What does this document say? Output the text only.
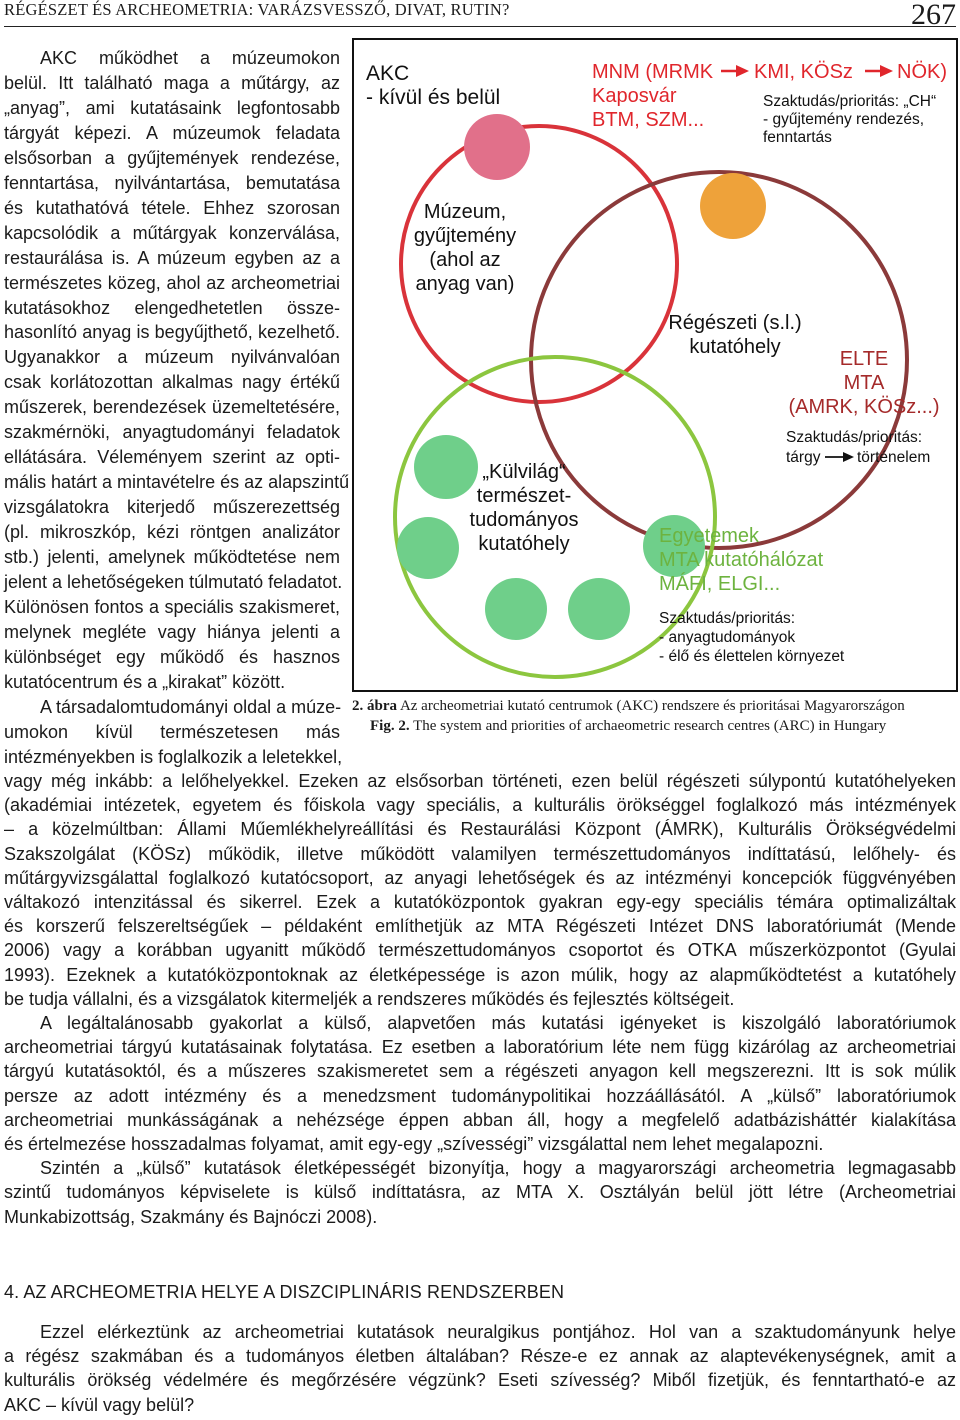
RÉGÉSZET ÉS ARCHEOMETRIA: VARÁZSVESSZŐ, DIVAT, RUTIN?	267
AKC működhet a múzeumokon
belül. Itt található maga a műtárgy, az
„anyag”, ami kutatásaink legfontosabb
tárgyát képezi. A múzeumok feladata
elsősorban a gyűjtemények rendezése,
fenntartása, nyilvántartása, bemutatása
és kutathatóvá tétele. Ehhez szorosan
kapcsolódik a műtárgyak konzerválása,
restaurálása is. A múzeum egyben az a
természetes közeg, ahol az archeometriai
kutatásokhoz elengedhetetlen össze-
hasonlító anyag is begyűjthető, kezelhető.
Ugyanakkor a múzeum nyilvánvalóan
csak korlátozottan alkalmas nagy értékű
műszerek, berendezések üzemeltetésére,
szakmérnöki, anyagtudományi feladatok
ellátására. Véleményem szerint az opti-
mális határt a mintavételre és az alapszintű
vizsgálatokra kiterjedő műszerezettség
(pl. mikroszkóp, kézi röntgen analizátor
stb.) jelenti, amelynek működtetése nem
jelent a lehetőségeken túlmutató feladatot.
Különösen fontos a speciális szakismeret,
melynek megléte vagy hiánya jelenti a
különbséget egy működő és hasznos
kutatócentrum és a „kirakat” között.
A társadalomtudományi oldal a múze-
umokon kívül természetesen más
intézményekben is foglalkozik a leletekkel,
AKC
- kívül és belül
Múzeum,
gyűjtemény
(ahol az
anyag van)
MNM (MRMK KMI, KÖSz NÖK)
Kaposvár
BTM, SZM...
Szaktudás/prioritás: „CH“
- gyűjtemény rendezés,
fenntartás
Régészeti (s.l.)
kutatóhely
ELTE
MTA
(AMRK, KÖSz...)
Szaktudás/prioritás:
tárgy történelem
„Külvilág“
természet-
tudományos
kutatóhely	Egyetemek
MTA kutatóhálózat
MÁFI, ELGI...
Szaktudás/prioritás:
- anyagtudományok
- élő és élettelen környezet
2. ábra Az archeometriai kutató centrumok (AKC) rendszere és prioritásai Magyarországon
Fig. 2. The system and priorities of archaeometric research centres (ARC) in Hungary
vagy még inkább: a lelőhelyekkel. Ezeken az elsősorban történeti, ezen belül régészeti súlypontú kutatóhelyeken
(akadémiai intézetek, egyetem és főiskola vagy speciális, a kulturális örökséggel foglalkozó más intézmények
– a közelmúltban: Állami Műemlékhelyreállítási és Restaurálási Központ (ÁMRK), Kulturális Örökségvédelmi
Szakszolgálat (KÖSz) működik, illetve működött valamilyen természettudományos indíttatású, lelőhely- és
műtárgyvizsgálattal foglalkozó kutatócsoport, az anyagi lehetőségek és az intézményi koncepciók függvényében
váltakozó intenzitással és sikerrel. Ezek a kutatóközpontok gyakran egy-egy speciális témára optimalizáltak
és korszerű felszereltségűek – példaként említhetjük az MTA Régészeti Intézet DNS laboratóriumát (Mende
2006) vagy a korábban ugyanitt működő természettudományos csoportot és OTKA műszerközpontot (Gyulai
1993). Ezeknek a kutatóközpontoknak az életképessége is azon múlik, hogy az alapműködtetést a kutatóhely
be tudja vállalni, és a vizsgálatok kitermeljék a rendszeres működés és fejlesztés költségeit.
A legáltalánosabb gyakorlat a külső, alapvetően más kutatási igényeket is kiszolgáló laboratóriumok
archeometriai tárgyú kutatásainak folytatása. Ez esetben a laboratórium léte nem függ kizárólag az archeometriai
tárgyú kutatásoktól, és a műszeres szakismeretet sem a régészeti anyagon kell megszerezni. Itt is sok múlik
persze az adott intézmény és a menedzsment tudománypolitikai hozzáállásától. A „külső” laboratóriumok
archeometriai munkásságának a nehézsége éppen abban áll, hogy a megfelelő adatbázisháttér kialakítása
és értelmezése hosszadalmas folyamat, amit egy-egy „szívességi” vizsgálattal nem lehet megalapozni.
Szintén a „külső” kutatások életképességét bizonyítja, hogy a magyarországi archeometria legmagasabb
szintű tudományos képviselete is külső indíttatásra, az MTA X. Osztályán belül jött létre (Archeometriai
Munkabizottság, Szakmány és Bajnóczi 2008).
4. AZ ARCHEOMETRIA HELYE A DISZCIPLINÁRIS RENDSZERBEN
Ezzel elérkeztünk az archeometriai kutatások neuralgikus pontjához. Hol van a szaktudományunk helye
a régész szakmában és a tudományos életben általában? Része-e ez annak az alaptevékenységnek, amit a
kulturális örökség védelmére és megőrzésére végzünk? Eseti szívesség? Miből fizetjük, és fenntartható-e az
AKC – kívül vagy belül?
